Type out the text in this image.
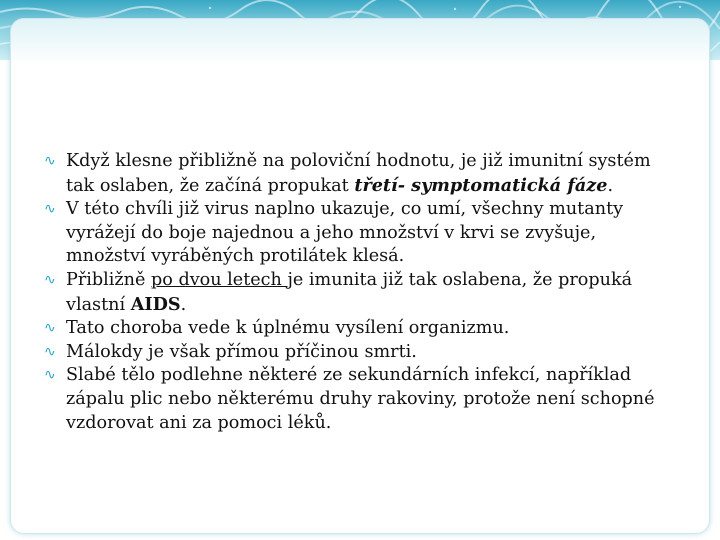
∿ Když klesne přibližně na poloviční hodnotu, je již imunitní systém tak oslaben, že začíná propukat třetí- symptomatická fáze.
∿ V této chvíli již virus naplno ukazuje, co umí, všechny mutanty vyrážejí do boje najednou a jeho množství v krvi se zvyšuje, množství vyráběných protilátek klesá.
∿ Přibližně po dvou letech je imunita již tak oslabena, že propuká vlastní AIDS.
∿ Tato choroba vede k úplnému vysílení organizmu.
∿ Málokdy je však přímou příčinou smrti.
∿ Slabé tělo podlehne některé ze sekundárních infekcí, například zápalu plic nebo některému druhy rakoviny, protože není schopné vzdorovat ani za pomoci léků.
